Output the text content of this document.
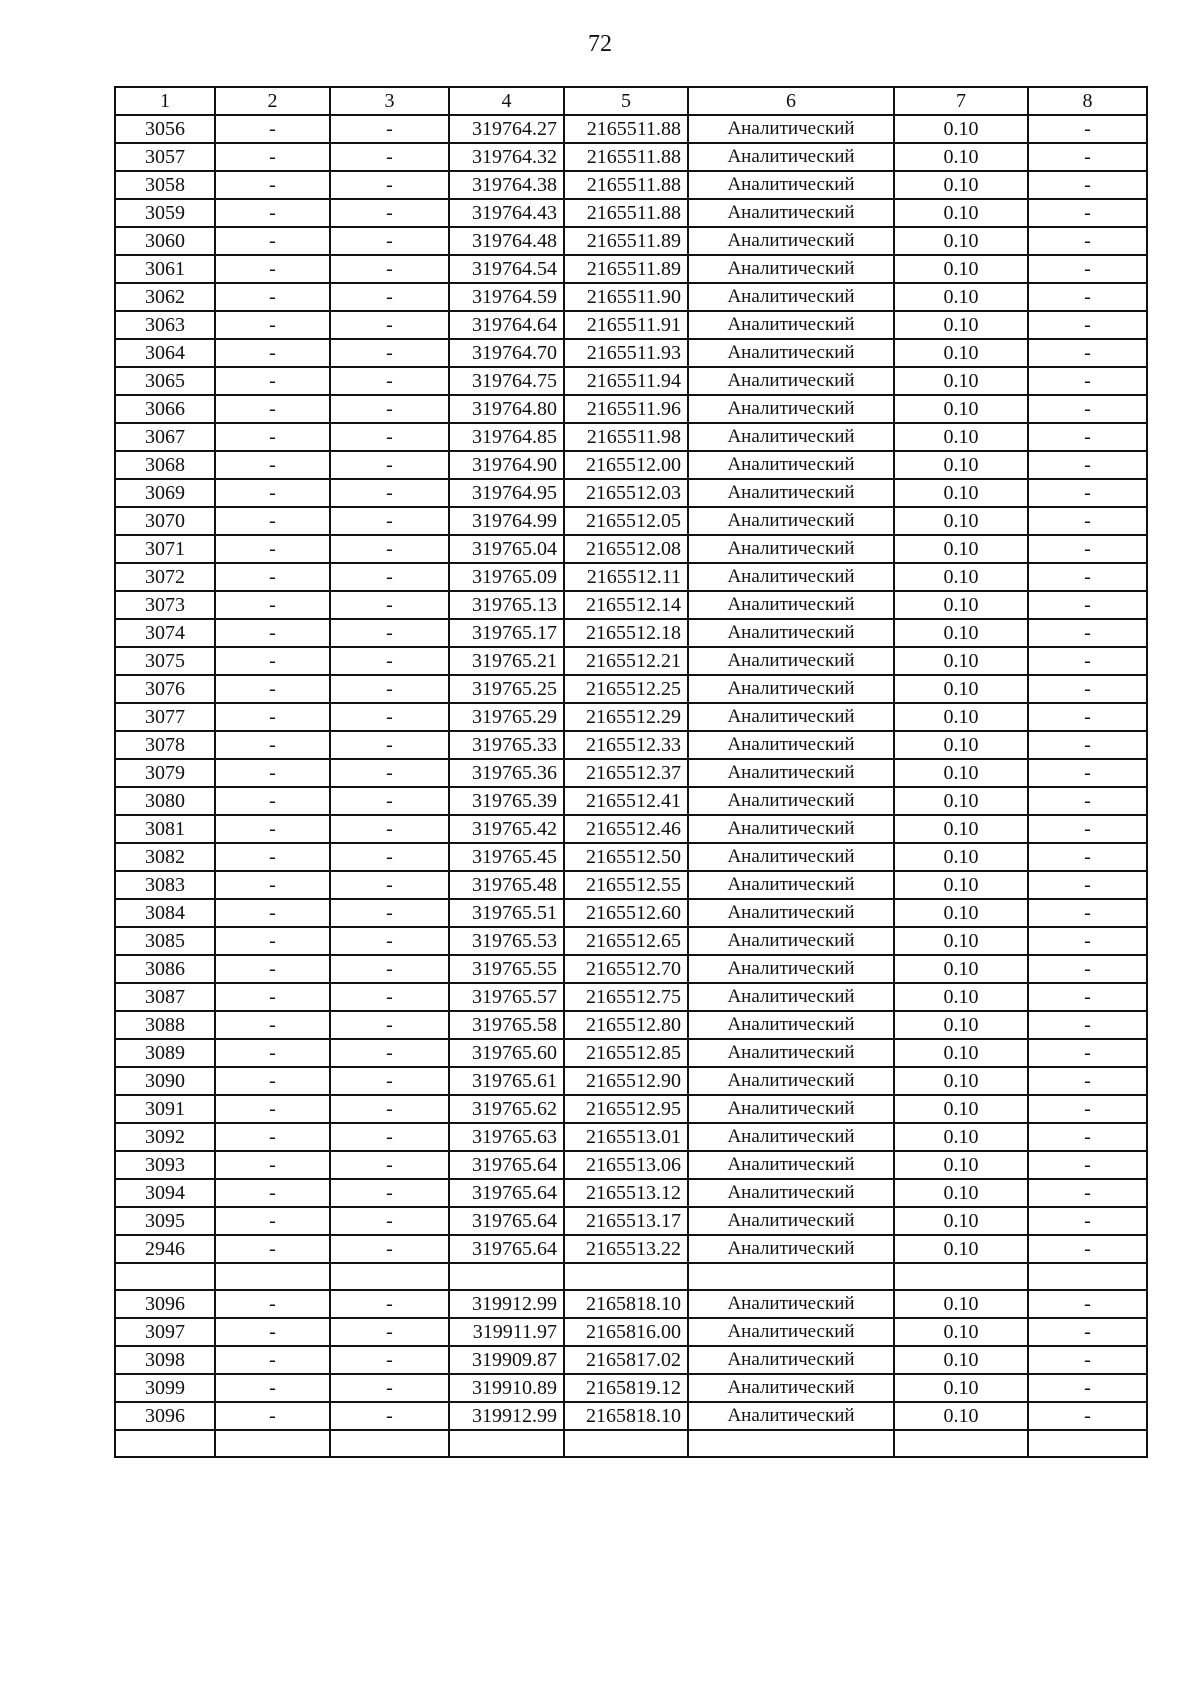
72
1	2	3	4	5	6	7	8
3056	-	-	319764.27	2165511.88	Аналитический	0.10	-
3057	-	-	319764.32	2165511.88	Аналитический	0.10	-
3058	-	-	319764.38	2165511.88	Аналитический	0.10	-
3059	-	-	319764.43	2165511.88	Аналитический	0.10	-
3060	-	-	319764.48	2165511.89	Аналитический	0.10	-
3061	-	-	319764.54	2165511.89	Аналитический	0.10	-
3062	-	-	319764.59	2165511.90	Аналитический	0.10	-
3063	-	-	319764.64	2165511.91	Аналитический	0.10	-
3064	-	-	319764.70	2165511.93	Аналитический	0.10	-
3065	-	-	319764.75	2165511.94	Аналитический	0.10	-
3066	-	-	319764.80	2165511.96	Аналитический	0.10	-
3067	-	-	319764.85	2165511.98	Аналитический	0.10	-
3068	-	-	319764.90	2165512.00	Аналитический	0.10	-
3069	-	-	319764.95	2165512.03	Аналитический	0.10	-
3070	-	-	319764.99	2165512.05	Аналитический	0.10	-
3071	-	-	319765.04	2165512.08	Аналитический	0.10	-
3072	-	-	319765.09	2165512.11	Аналитический	0.10	-
3073	-	-	319765.13	2165512.14	Аналитический	0.10	-
3074	-	-	319765.17	2165512.18	Аналитический	0.10	-
3075	-	-	319765.21	2165512.21	Аналитический	0.10	-
3076	-	-	319765.25	2165512.25	Аналитический	0.10	-
3077	-	-	319765.29	2165512.29	Аналитический	0.10	-
3078	-	-	319765.33	2165512.33	Аналитический	0.10	-
3079	-	-	319765.36	2165512.37	Аналитический	0.10	-
3080	-	-	319765.39	2165512.41	Аналитический	0.10	-
3081	-	-	319765.42	2165512.46	Аналитический	0.10	-
3082	-	-	319765.45	2165512.50	Аналитический	0.10	-
3083	-	-	319765.48	2165512.55	Аналитический	0.10	-
3084	-	-	319765.51	2165512.60	Аналитический	0.10	-
3085	-	-	319765.53	2165512.65	Аналитический	0.10	-
3086	-	-	319765.55	2165512.70	Аналитический	0.10	-
3087	-	-	319765.57	2165512.75	Аналитический	0.10	-
3088	-	-	319765.58	2165512.80	Аналитический	0.10	-
3089	-	-	319765.60	2165512.85	Аналитический	0.10	-
3090	-	-	319765.61	2165512.90	Аналитический	0.10	-
3091	-	-	319765.62	2165512.95	Аналитический	0.10	-
3092	-	-	319765.63	2165513.01	Аналитический	0.10	-
3093	-	-	319765.64	2165513.06	Аналитический	0.10	-
3094	-	-	319765.64	2165513.12	Аналитический	0.10	-
3095	-	-	319765.64	2165513.17	Аналитический	0.10	-
2946	-	-	319765.64	2165513.22	Аналитический	0.10	-

3096	-	-	319912.99	2165818.10	Аналитический	0.10	-
3097	-	-	319911.97	2165816.00	Аналитический	0.10	-
3098	-	-	319909.87	2165817.02	Аналитический	0.10	-
3099	-	-	319910.89	2165819.12	Аналитический	0.10	-
3096	-	-	319912.99	2165818.10	Аналитический	0.10	-
